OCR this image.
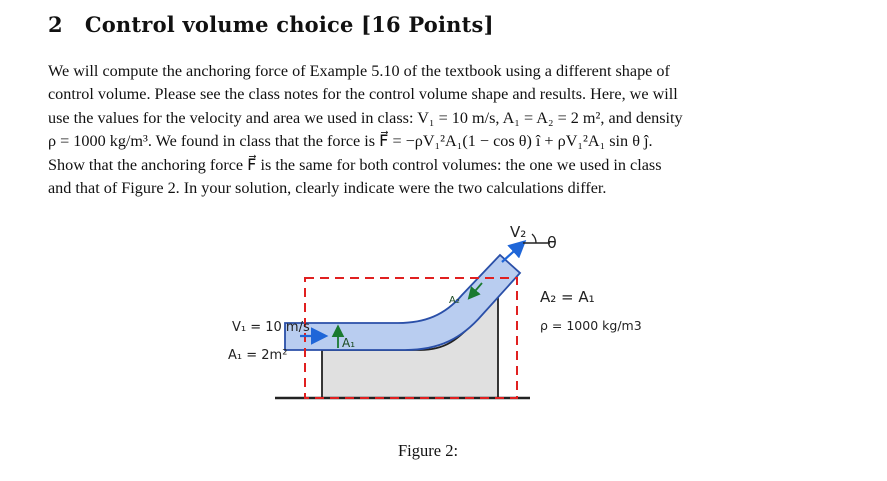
2 Control volume choice [16 Points]

We will compute the anchoring force of Example 5.10 of the textbook using a different shape of
control volume. Please see the class notes for the control volume shape and results. Here, we will
use the values for the velocity and area we used in class: V₁ = 10 m/s, A₁ = A₂ = 2 m², and density
ρ = 1000 kg/m³. We found in class that the force is F⃗ = −ρV₁²A₁(1 − cos θ) î + ρV₁²A₁ sin θ ĵ.
Show that the anchoring force F⃗ is the same for both control volumes: the one we used in class
and that of Figure 2. In your solution, clearly indicate were the two calculations differ.

V₂
θ
A₂ = A₁
ρ = 1000 kg/m3
V₁ = 10 m/s
A₁ = 2m²
A₁
A₂

Figure 2:
